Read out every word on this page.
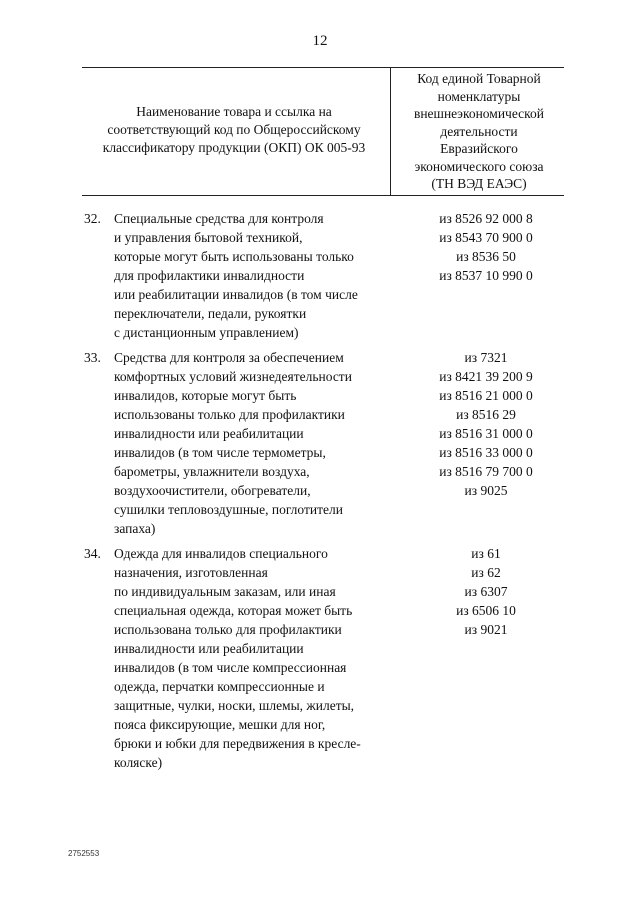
12
Наименование товара и ссылка на
соответствующий код по Общероссийскому
классификатору продукции (ОКП) ОК 005-93
Код единой Товарной
номенклатуры
внешнеэкономической
деятельности
Евразийского
экономического союза
(ТН ВЭД ЕАЭС)
32. Специальные средства для контроля
и управления бытовой техникой,
которые могут быть использованы только
для профилактики инвалидности
или реабилитации инвалидов (в том числе
переключатели, педали, рукоятки
с дистанционным управлением)
из 8526 92 000 8
из 8543 70 900 0
из 8536 50
из 8537 10 990 0
33. Средства для контроля за обеспечением
комфортных условий жизнедеятельности
инвалидов, которые могут быть
использованы только для профилактики
инвалидности или реабилитации
инвалидов (в том числе термометры,
барометры, увлажнители воздуха,
воздухоочистители, обогреватели,
сушилки тепловоздушные, поглотители
запаха)
из 7321
из 8421 39 200 9
из 8516 21 000 0
из 8516 29
из 8516 31 000 0
из 8516 33 000 0
из 8516 79 700 0
из 9025
34. Одежда для инвалидов специального
назначения, изготовленная
по индивидуальным заказам, или иная
специальная одежда, которая может быть
использована только для профилактики
инвалидности или реабилитации
инвалидов (в том числе компрессионная
одежда, перчатки компрессионные и
защитные, чулки, носки, шлемы, жилеты,
пояса фиксирующие, мешки для ног,
брюки и юбки для передвижения в кресле-
коляске)
из 61
из 62
из 6307
из 6506 10
из 9021
2752553
